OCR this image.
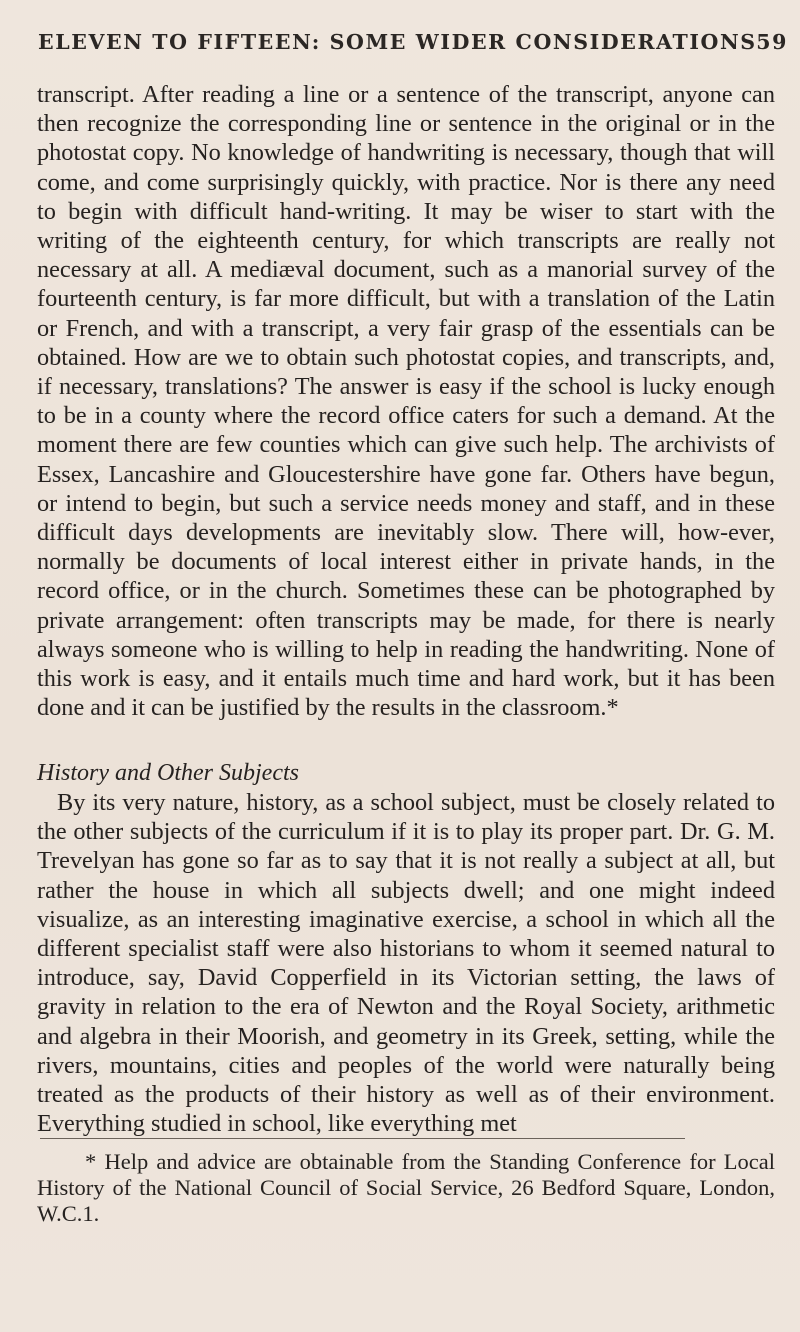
ELEVEN TO FIFTEEN: SOME WIDER CONSIDERATIONS 59

transcript. After reading a line or a sentence of the transcript, anyone can then recognize the corresponding line or sentence in the original or in the photostat copy. No knowledge of handwriting is necessary, though that will come, and come surprisingly quickly, with practice. Nor is there any need to begin with difficult hand-writing. It may be wiser to start with the writing of the eighteenth century, for which transcripts are really not necessary at all. A mediæval document, such as a manorial survey of the fourteenth century, is far more difficult, but with a translation of the Latin or French, and with a transcript, a very fair grasp of the essentials can be obtained. How are we to obtain such photostat copies, and transcripts, and, if necessary, translations? The answer is easy if the school is lucky enough to be in a county where the record office caters for such a demand. At the moment there are few counties which can give such help. The archivists of Essex, Lancashire and Gloucestershire have gone far. Others have begun, or intend to begin, but such a service needs money and staff, and in these difficult days developments are inevitably slow. There will, how-ever, normally be documents of local interest either in private hands, in the record office, or in the church. Sometimes these can be photographed by private arrangement: often transcripts may be made, for there is nearly always someone who is willing to help in reading the handwriting. None of this work is easy, and it entails much time and hard work, but it has been done and it can be justified by the results in the classroom.*

History and Other Subjects

By its very nature, history, as a school subject, must be closely related to the other subjects of the curriculum if it is to play its proper part. Dr. G. M. Trevelyan has gone so far as to say that it is not really a subject at all, but rather the house in which all subjects dwell; and one might indeed visualize, as an interesting imaginative exercise, a school in which all the different specialist staff were also historians to whom it seemed natural to introduce, say, David Copperfield in its Victorian setting, the laws of gravity in relation to the era of Newton and the Royal Society, arithmetic and algebra in their Moorish, and geometry in its Greek, setting, while the rivers, mountains, cities and peoples of the world were naturally being treated as the products of their history as well as of their environment. Everything studied in school, like everything met

* Help and advice are obtainable from the Standing Conference for Local History of the National Council of Social Service, 26 Bedford Square, London, W.C.1.
